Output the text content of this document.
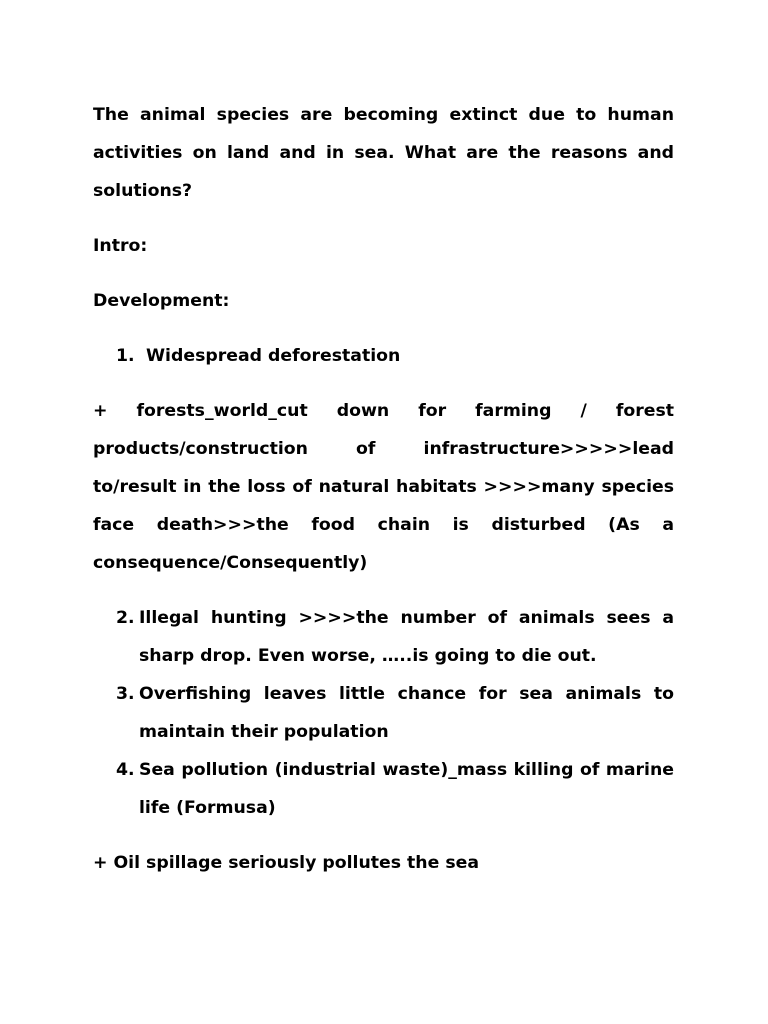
The animal species are becoming extinct due to human activities on land and in sea. What are the reasons and solutions?

Intro:

Development:

1. Widespread deforestation

+ forests_world_cut down for farming / forest products/construction of infrastructure>>>>>lead to/result in the loss of natural habitats >>>>many species face death>>>the food chain is disturbed (As a consequence/Consequently)

2. Illegal hunting >>>>the number of animals sees a sharp drop. Even worse, …..is going to die out.
3. Overfishing leaves little chance for sea animals to maintain their population
4. Sea pollution (industrial waste)_mass killing of marine life (Formusa)

+ Oil spillage seriously pollutes the sea
